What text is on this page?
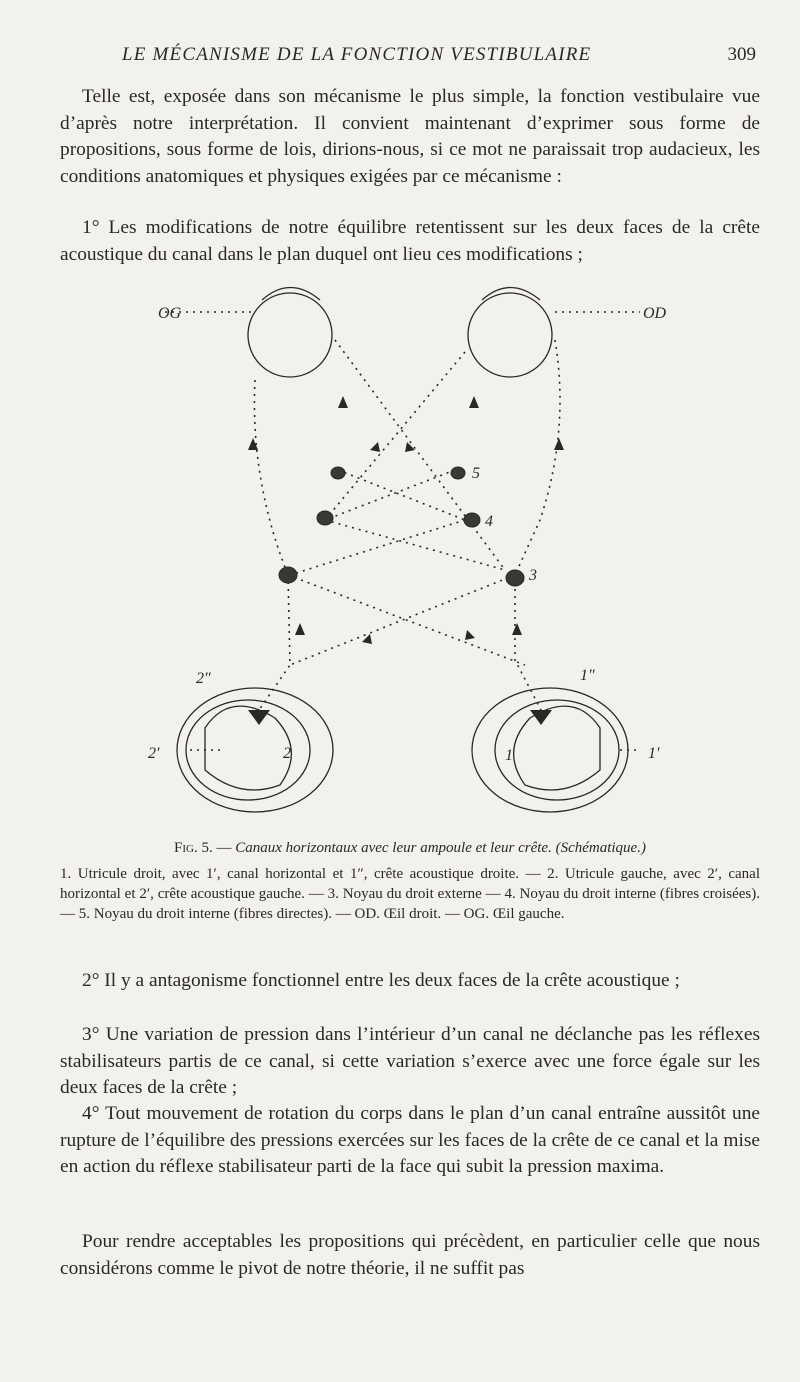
LE MÉCANISME DE LA FONCTION VESTIBULAIRE	309

Telle est, exposée dans son mécanisme le plus simple, la fonction vestibulaire vue d’après notre interprétation. Il convient maintenant d’exprimer sous forme de propositions, sous forme de lois, dirions-nous, si ce mot ne paraissait trop audacieux, les conditions anatomiques et physiques exigées par ce mécanisme :

1° Les modifications de notre équilibre retentissent sur les deux faces de la crête acoustique du canal dans le plan duquel ont lieu ces modifications ;

OG	OD
3
4
5
1	1′
1″
2
2′
2″
Fig. 5. — Canaux horizontaux avec leur ampoule et leur crête. (Schématique.)

1. Utricule droit, avec 1′, canal horizontal et 1″, crête acoustique droite. — 2. Utricule gauche, avec 2′, canal horizontal et 2′, crête acoustique gauche. — 3. Noyau du droit externe — 4. Noyau du droit interne (fibres croisées). — 5. Noyau du droit interne (fibres directes). — OD. Œil droit. — OG. Œil gauche.

2° Il y a antagonisme fonctionnel entre les deux faces de la crête acoustique ;

3° Une variation de pression dans l’intérieur d’un canal ne déclanche pas les réflexes stabilisateurs partis de ce canal, si cette variation s’exerce avec une force égale sur les deux faces de la crête ;

4° Tout mouvement de rotation du corps dans le plan d’un canal entraîne aussitôt une rupture de l’équilibre des pressions exercées sur les faces de la crête de ce canal et la mise en action du réflexe stabilisateur parti de la face qui subit la pression maxima.

Pour rendre acceptables les propositions qui précèdent, en particulier celle que nous considérons comme le pivot de notre théorie, il ne suffit pas
